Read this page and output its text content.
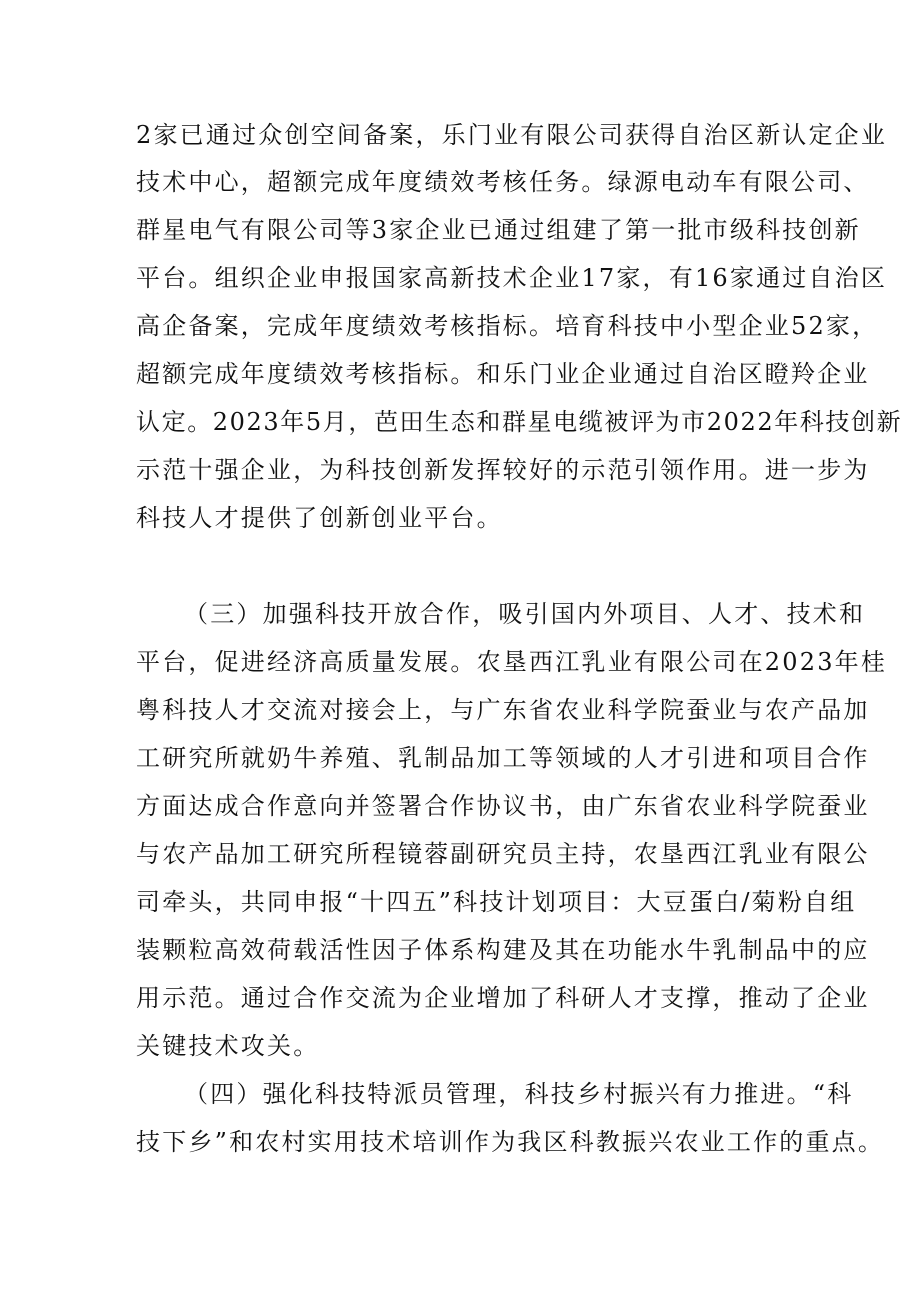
2家已通过众创空间备案，乐门业有限公司获得自治区新认定企业
技术中心，超额完成年度绩效考核任务。绿源电动车有限公司、
群星电气有限公司等3家企业已通过组建了第一批市级科技创新
平台。组织企业申报国家高新技术企业17家，有16家通过自治区
高企备案，完成年度绩效考核指标。培育科技中小型企业52家，
超额完成年度绩效考核指标。和乐门业企业通过自治区瞪羚企业
认定。2023年5月，芭田生态和群星电缆被评为市2022年科技创新
示范十强企业，为科技创新发挥较好的示范引领作用。进一步为
科技人才提供了创新创业平台。
（三）加强科技开放合作，吸引国内外项目、人才、技术和
平台，促进经济高质量发展。农垦西江乳业有限公司在2023年桂
粤科技人才交流对接会上，与广东省农业科学院蚕业与农产品加
工研究所就奶牛养殖、乳制品加工等领域的人才引进和项目合作
方面达成合作意向并签署合作协议书，由广东省农业科学院蚕业
与农产品加工研究所程镜蓉副研究员主持，农垦西江乳业有限公
司牵头，共同申报“十四五”科技计划项目：大豆蛋白/菊粉自组
装颗粒高效荷载活性因子体系构建及其在功能水牛乳制品中的应
用示范。通过合作交流为企业增加了科研人才支撑，推动了企业
关键技术攻关。
（四）强化科技特派员管理，科技乡村振兴有力推进。“科
技下乡”和农村实用技术培训作为我区科教振兴农业工作的重点。
